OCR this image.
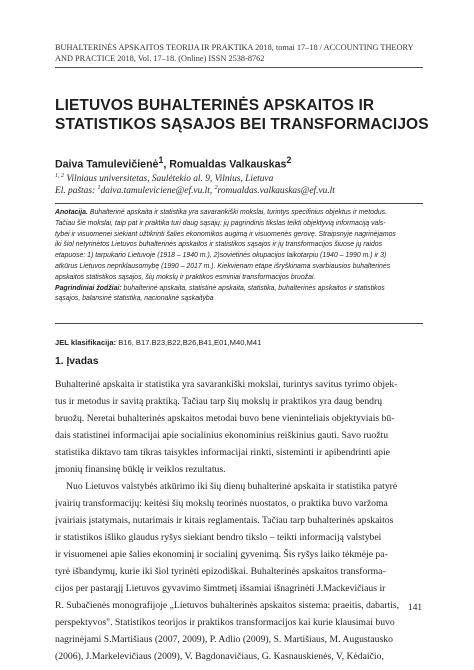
BUHALTERINĖS APSKAITOS TEORIJA IR PRAKTIKA 2018, tomai 17–18 / ACCOUNTING THEORY
AND PRACTICE 2018, Vol. 17–18. (Online) ISSN 2538-8762
LIETUVOS BUHALTERINĖS APSKAITOS IR
STATISTIKOS SĄSAJOS BEI TRANSFORMACIJOS
Daiva Tamulevičienė$^1$, Romualdas Valkauskas$^2$
$^{1, 2}$ Vilniaus universitetas, Saulėtekio al. 9, Vilnius, Lietuva
El. paštas: $^1$daiva.tamuleviciene@ef.vu.lt, $^2$romualdas.valkauskas@ef.vu.lt
Anotacija. Buhalterinė apskaita ir statistika yra savarankiški mokslai, turintys specifinius objektus ir metodus.
Tačiau šie mokslai, taip pat ir praktika turi daug sąsajų: jų pagrindinis tikslas teikti objektyvią informaciją vals-
tybei ir visuomenei siekiant užtikrinti šalies ekonomikos augimą ir visuomenės gerovę. Straipsnyje nagrinėjamos
iki šiol netyrinėtos Lietuvos buhalterinės apskaitos ir statistikos sąsajos ir jų transformacijos šiuose jų raidos
etapuose: 1) tarpukario Lietuvoje (1918 – 1940 m.), 2)sovietinės okupacijos laikotarpiu (1940 – 1990 m.) ir 3)
atkūrus Lietuvos nepriklausomybę (1990 – 2017 m.). Kiekvienam etape išryškinama svarbiausios buhalterinės
apskaitos statistikos sąsajos, šių mokslų ir praktikos esminiai transformacijos bruožai.
Pagrindiniai žodžiai: buhalterinė apskaita, statistinė apskaita, statistika, buhalterinės apskaitos ir statistikos
sąsajos, balansinė statistika, nacionalinė sąskaityba
JEL klasifikacija: B16, B17.B23,B22,B26,B41,E01,M40,M41
1. Įvadas
Buhalterinė apskaita ir statistika yra savarankiški mokslai, turintys savitus tyrimo objek-
tus ir metodus ir savitą praktiką. Tačiau tarp šių mokslų ir praktikos yra daug bendrų
bruožų. Neretai buhalterinės apskaitos metodai buvo bene vieninteliais objektyviais bū-
dais statistinei informacijai apie socialinius ekonominius reiškinius gauti. Savo ruožtu
statistika diktavo tam tikras taisykles informacijai rinkti, sisteminti ir apibendrinti apie
įmonių finansinę būklę ir veiklos rezultatus.
Nuo Lietuvos valstybės atkūrimo iki šių dienų buhalterinė apskaita ir statistika patyrė
įvairių transformacijų: keitėsi šių mokslų teorinės nuostatos, o praktika buvo varžoma
įvairiais įstatymais, nutarimais ir kitais reglamentais. Tačiau tarp buhalterinės apskaitos
ir statistikos išliko glaudus ryšys siekiant bendro tikslo – teikti informaciją valstybei
ir visuomenei apie šalies ekonominį ir socialinį gyvenimą. Šis ryšys laiko tėkmėje pa-
tyrė išbandymų, kurie iki šiol tyrinėti epizodiškai. Buhalterinės apskaitos transforma-
cijos per pastarąjį Lietuvos gyvavimo šimtmetį išsamiai išnagrinėti J.Mackevičiaus ir
R. Subačienės monografijoje „Lietuvos buhalterinės apskaitos sistema: praeitis, dabartis,
perspektyvos". Statistikos teorijos ir praktikos transformacijos kai kurie klausimai buvo
nagrinėjami S.Martišiaus (2007, 2009), P. Adlio (2009), S. Martišiaus, M. Augustausko
(2006), J.Markelevičiaus (2009), V. Bagdonavičiaus, G. Kasnauskienės, V, Kėdaičio,
141
